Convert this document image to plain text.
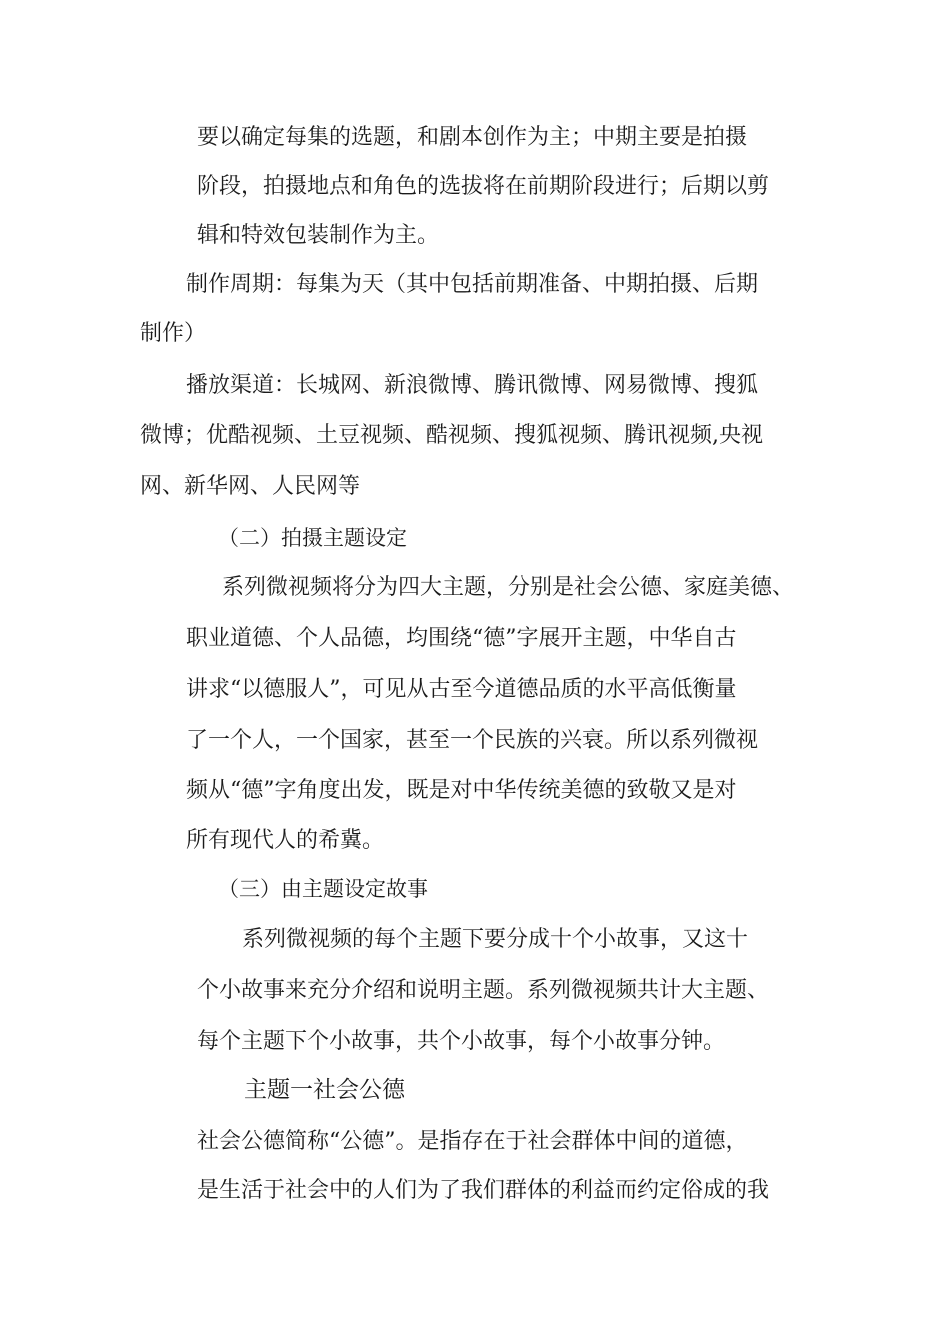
要以确定每集的选题，和剧本创作为主；中期主要是拍摄
阶段，拍摄地点和角色的选拔将在前期阶段进行；后期以剪
辑和特效包装制作为主。
制作周期：每集为天（其中包括前期准备、中期拍摄、后期
制作）
播放渠道：长城网、新浪微博、腾讯微博、网易微博、搜狐
微博；优酷视频、土豆视频、酷视频、搜狐视频、腾讯视频,央视
网、新华网、人民网等
（二）拍摄主题设定
系列微视频将分为四大主题，分别是社会公德、家庭美德、
职业道德、个人品德，均围绕“德”字展开主题，中华自古
讲求“以德服人”，可见从古至今道德品质的水平高低衡量
了一个人，一个国家，甚至一个民族的兴衰。所以系列微视
频从“德”字角度出发，既是对中华传统美德的致敬又是对
所有现代人的希冀。
（三）由主题设定故事
系列微视频的每个主题下要分成十个小故事，又这十
个小故事来充分介绍和说明主题。系列微视频共计大主题、
每个主题下个小故事，共个小故事，每个小故事分钟。
主题一社会公德
社会公德简称“公德”。是指存在于社会群体中间的道德，
是生活于社会中的人们为了我们群体的利益而约定俗成的我
